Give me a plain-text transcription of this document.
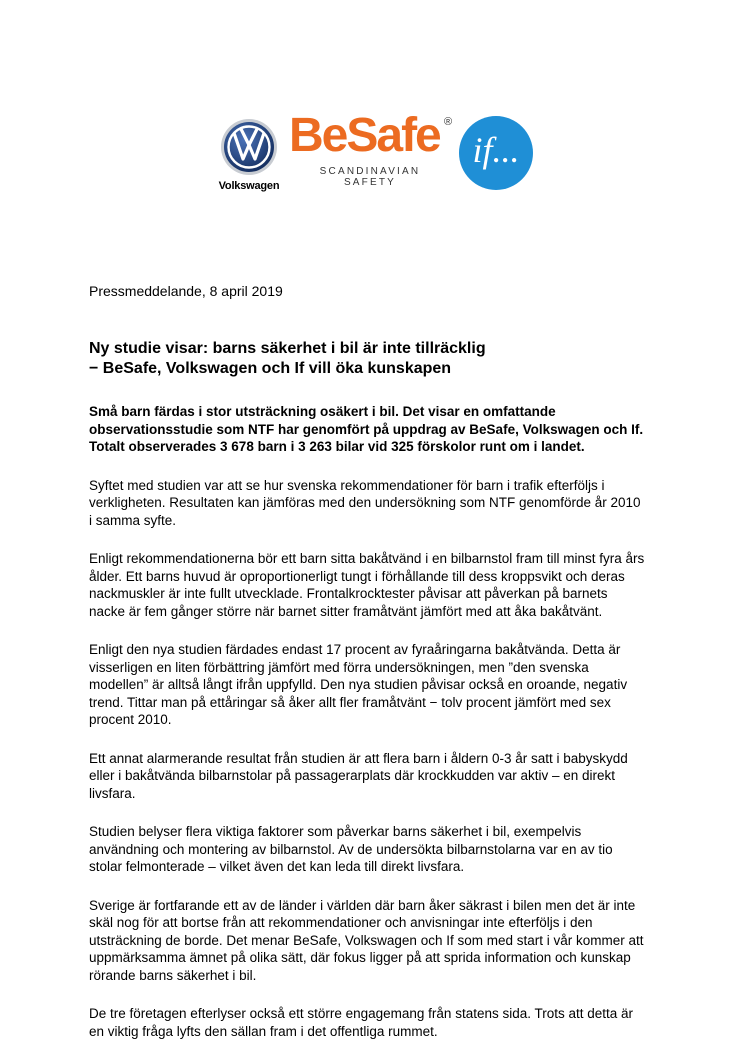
Volkswagen
BeSafe ®
SCANDINAVIAN
SAFETY
if...

Pressmeddelande, 8 april 2019

Ny studie visar: barns säkerhet i bil är inte tillräcklig
− BeSafe, Volkswagen och If vill öka kunskapen

Små barn färdas i stor utsträckning osäkert i bil. Det visar en omfattande
observationsstudie som NTF har genomfört på uppdrag av BeSafe, Volkswagen och If.
Totalt observerades 3 678 barn i 3 263 bilar vid 325 förskolor runt om i landet.

Syftet med studien var att se hur svenska rekommendationer för barn i trafik efterföljs i
verkligheten. Resultaten kan jämföras med den undersökning som NTF genomförde år 2010
i samma syfte.

Enligt rekommendationerna bör ett barn sitta bakåtvänd i en bilbarnstol fram till minst fyra års
ålder. Ett barns huvud är oproportionerligt tungt i förhållande till dess kroppsvikt och deras
nackmuskler är inte fullt utvecklade. Frontalkrocktester påvisar att påverkan på barnets
nacke är fem gånger större när barnet sitter framåtvänt jämfört med att åka bakåtvänt.

Enligt den nya studien färdades endast 17 procent av fyraåringarna bakåtvända. Detta är
visserligen en liten förbättring jämfört med förra undersökningen, men ”den svenska
modellen” är alltså långt ifrån uppfylld. Den nya studien påvisar också en oroande, negativ
trend. Tittar man på ettåringar så åker allt fler framåtvänt − tolv procent jämfört med sex
procent 2010.

Ett annat alarmerande resultat från studien är att flera barn i åldern 0-3 år satt i babyskydd
eller i bakåtvända bilbarnstolar på passagerarplats där krockkudden var aktiv – en direkt
livsfara.

Studien belyser flera viktiga faktorer som påverkar barns säkerhet i bil, exempelvis
användning och montering av bilbarnstol. Av de undersökta bilbarnstolarna var en av tio
stolar felmonterade – vilket även det kan leda till direkt livsfara.

Sverige är fortfarande ett av de länder i världen där barn åker säkrast i bilen men det är inte
skäl nog för att bortse från att rekommendationer och anvisningar inte efterföljs i den
utsträckning de borde. Det menar BeSafe, Volkswagen och If som med start i vår kommer att
uppmärksamma ämnet på olika sätt, där fokus ligger på att sprida information och kunskap
rörande barns säkerhet i bil.

De tre företagen efterlyser också ett större engagemang från statens sida. Trots att detta är
en viktig fråga lyfts den sällan fram i det offentliga rummet.
